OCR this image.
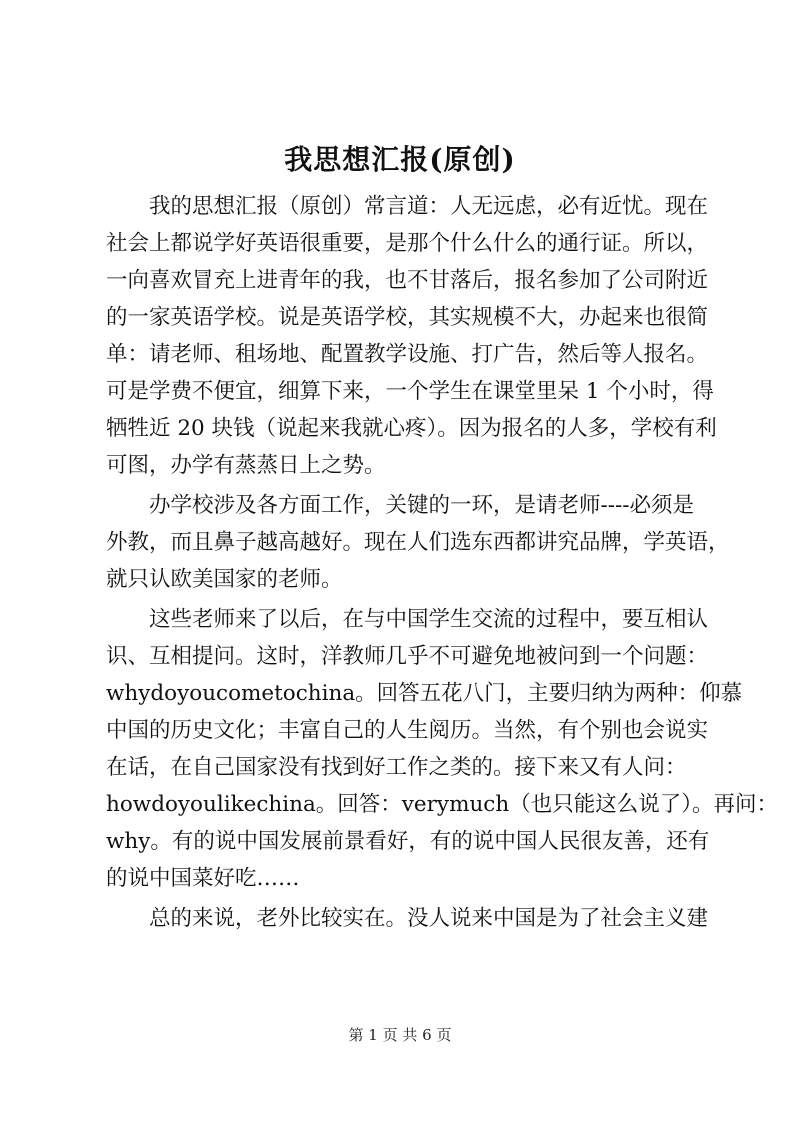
我思想汇报(原创)
　　我的思想汇报（原创）常言道：人无远虑，必有近忧。现在
社会上都说学好英语很重要，是那个什么什么的通行证。所以，
一向喜欢冒充上进青年的我，也不甘落后，报名参加了公司附近
的一家英语学校。说是英语学校，其实规模不大，办起来也很简
单：请老师、租场地、配置教学设施、打广告，然后等人报名。
可是学费不便宜，细算下来，一个学生在课堂里呆 1 个小时，得
牺牲近 20 块钱（说起来我就心疼）。因为报名的人多，学校有利
可图，办学有蒸蒸日上之势。
　　办学校涉及各方面工作，关键的一环，是请老师----必须是
外教，而且鼻子越高越好。现在人们选东西都讲究品牌，学英语，
就只认欧美国家的老师。
　　这些老师来了以后，在与中国学生交流的过程中，要互相认
识、互相提问。这时，洋教师几乎不可避免地被问到一个问题：
whydoyoucometochina。回答五花八门，主要归纳为两种：仰慕
中国的历史文化；丰富自己的人生阅历。当然，有个别也会说实
在话，在自己国家没有找到好工作之类的。接下来又有人问：
howdoyoulikechina。回答：verymuch（也只能这么说了）。再问：
why。有的说中国发展前景看好，有的说中国人民很友善，还有
的说中国菜好吃……
　　总的来说，老外比较实在。没人说来中国是为了社会主义建
第 1 页 共 6 页
